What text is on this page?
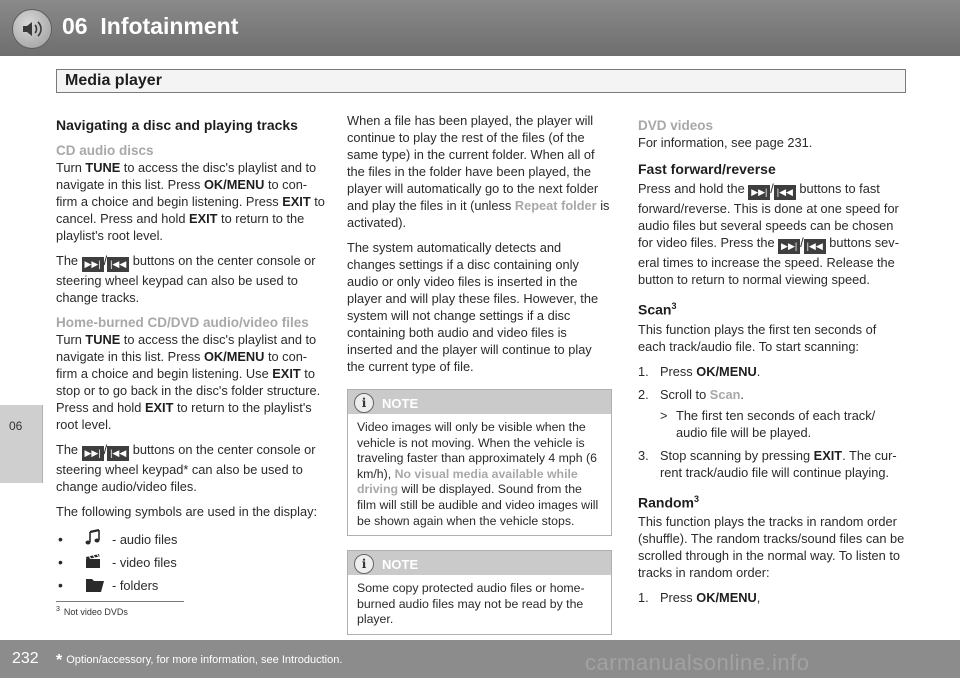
06 Infotainment
Media player
06
Navigating a disc and playing tracks
CD audio discs

Turn TUNE to access the disc's playlist and to navigate in this list. Press OK/MENU to con-firm a choice and begin listening. Press EXIT to cancel. Press and hold EXIT to return to the playlist's root level.

The ▶▶| / |◀◀ buttons on the center console or steering wheel keypad can also be used to change tracks.

Home-burned CD/DVD audio/video files

Turn TUNE to access the disc's playlist and to navigate in this list. Press OK/MENU to con-firm a choice and begin listening. Use EXIT to stop or to go back in the disc's folder structure. Press and hold EXIT to return to the playlist's root level.

The ▶▶| / |◀◀ buttons on the center console or steering wheel keypad* can also be used to change audio/video files.

The following symbols are used in the display:

•	- audio files
•	- video files
•	- folders

When a file has been played, the player will continue to play the rest of the files (of the same type) in the current folder. When all of the files in the folder have been played, the player will automatically go to the next folder and play the files in it (unless Repeat folder is activated).

The system automatically detects and changes settings if a disc containing only audio or only video files is inserted in the player and will play these files. However, the system will not change settings if a disc containing both audio and video files is inserted and the player will continue to play the current type of file.

i	NOTE
Video images will only be visible when the vehicle is not moving. When the vehicle is traveling faster than approximately 4 mph (6 km/h), No visual media available while driving will be displayed. Sound from the film will still be audible and video images will be shown again when the vehicle stops.
i	NOTE
Some copy protected audio files or home-burned audio files may not be read by the player.
DVD videos

For information, see page 231.

Fast forward/reverse

Press and hold the ▶▶| / |◀◀ buttons to fast forward/reverse. This is done at one speed for audio files but several speeds can be chosen for video files. Press the ▶▶| / |◀◀ buttons sev-eral times to increase the speed. Release the button to return to normal viewing speed.

Scan$^3$

This function plays the first ten seconds of each track/audio file. To start scanning:

1. Press OK/MENU.
2. Scroll to Scan.
> The first ten seconds of each track/ audio file will be played.
3. Stop scanning by pressing EXIT. The cur-rent track/audio file will continue playing.
Random$^3$

This function plays the tracks in random order (shuffle). The random tracks/sound files can be scrolled through in the normal way. To listen to tracks in random order:

1. Press OK/MENU,
$^3$ Not video DVDs
232 * Option/accessory, for more information, see Introduction.	carmanualsonline.info
